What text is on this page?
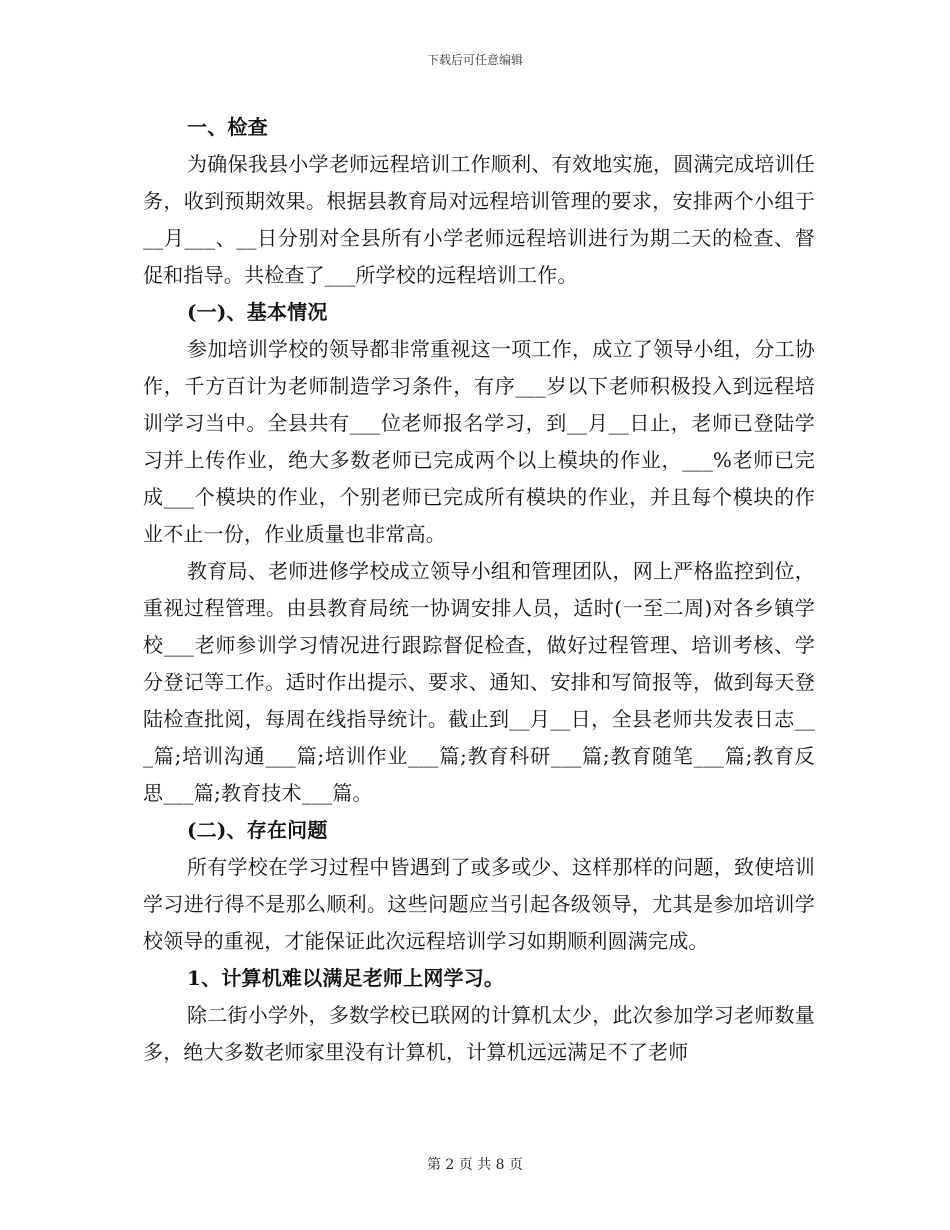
下载后可任意编辑

一、检查

为确保我县小学老师远程培训工作顺利、有效地实施，圆满完成培训任务，收到预期效果。根据县教育局对远程培训管理的要求，安排两个小组于__月___、__日分别对全县所有小学老师远程培训进行为期二天的检查、督促和指导。共检查了___所学校的远程培训工作。

(一)、基本情况

参加培训学校的领导都非常重视这一项工作，成立了领导小组，分工协作，千方百计为老师制造学习条件，有序___岁以下老师积极投入到远程培训学习当中。全县共有___位老师报名学习，到__月__日止，老师已登陆学习并上传作业，绝大多数老师已完成两个以上模块的作业，___%老师已完成___个模块的作业，个别老师已完成所有模块的作业，并且每个模块的作业不止一份，作业质量也非常高。

教育局、老师进修学校成立领导小组和管理团队，网上严格监控到位，重视过程管理。由县教育局统一协调安排人员，适时(一至二周)对各乡镇学校___老师参训学习情况进行跟踪督促检查，做好过程管理、培训考核、学分登记等工作。适时作出提示、要求、通知、安排和写简报等，做到每天登陆检查批阅，每周在线指导统计。截止到__月__日，全县老师共发表日志___篇;培训沟通___篇;培训作业___篇;教育科研___篇;教育随笔___篇;教育反思___篇;教育技术___篇。

(二)、存在问题

所有学校在学习过程中皆遇到了或多或少、这样那样的问题，致使培训学习进行得不是那么顺利。这些问题应当引起各级领导，尤其是参加培训学校领导的重视，才能保证此次远程培训学习如期顺利圆满完成。

1、计算机难以满足老师上网学习。

除二街小学外，多数学校已联网的计算机太少，此次参加学习老师数量多，绝大多数老师家里没有计算机，计算机远远满足不了老师

第 2 页 共 8 页
